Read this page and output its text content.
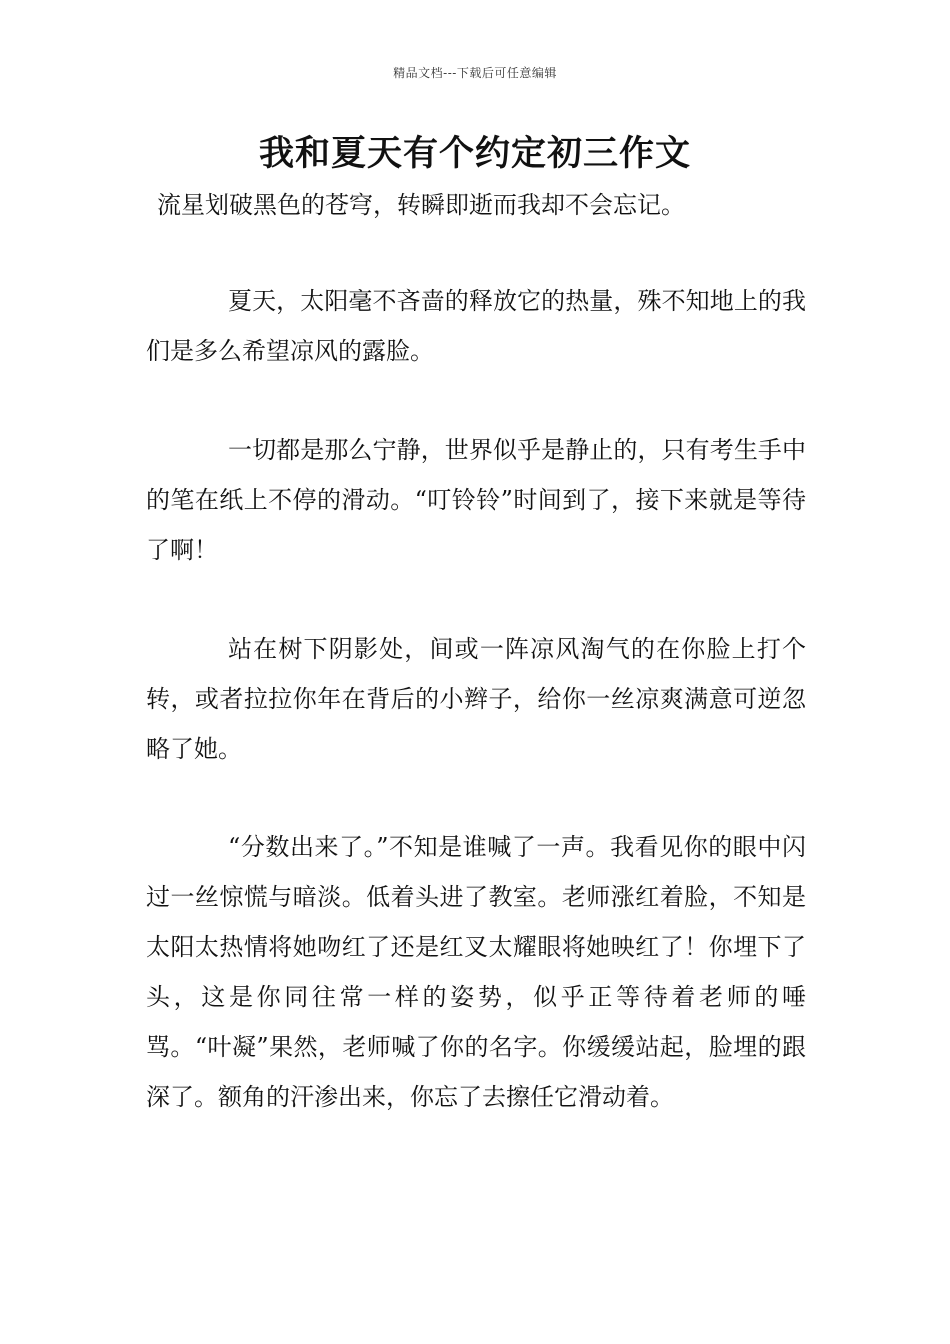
精品文档---下载后可任意编辑
我和夏天有个约定初三作文
流星划破黑色的苍穹，转瞬即逝而我却不会忘记。

夏天，太阳毫不吝啬的释放它的热量，殊不知地上的我们是多么希望凉风的露脸。

一切都是那么宁静，世界似乎是静止的，只有考生手中的笔在纸上不停的滑动。“叮铃铃”时间到了，接下来就是等待了啊！

站在树下阴影处，间或一阵凉风淘气的在你脸上打个转，或者拉拉你年在背后的小辫子，给你一丝凉爽满意可逆忽略了她。

“分数出来了。”不知是谁喊了一声。我看见你的眼中闪过一丝惊慌与暗淡。低着头进了教室。老师涨红着脸，不知是太阳太热情将她吻红了还是红叉太耀眼将她映红了！你埋下了头，这是你同往常一样的姿势，似乎正等待着老师的唾骂。“叶凝”果然，老师喊了你的名字。你缓缓站起，脸埋的跟深了。额角的汗渗出来，你忘了去擦任它滑动着。
